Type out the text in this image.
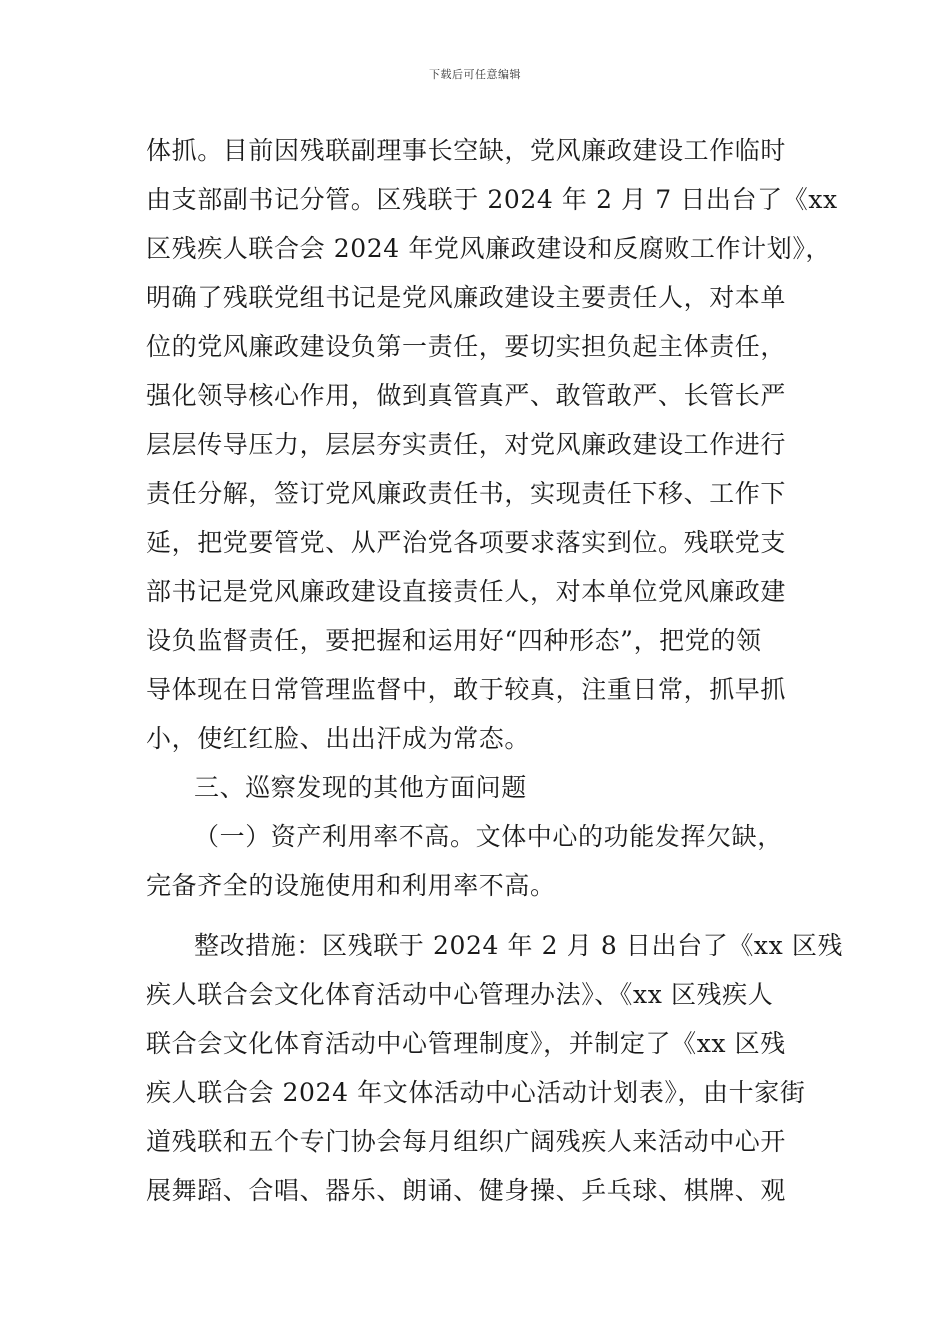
下载后可任意编辑
体抓。目前因残联副理事长空缺，党风廉政建设工作临时
由支部副书记分管。区残联于 2024 年 2 月 7 日出台了《xx
区残疾人联合会 2024 年党风廉政建设和反腐败工作计划》，
明确了残联党组书记是党风廉政建设主要责任人，对本单
位的党风廉政建设负第一责任，要切实担负起主体责任，
强化领导核心作用，做到真管真严、敢管敢严、长管长严
层层传导压力，层层夯实责任，对党风廉政建设工作进行
责任分解，签订党风廉政责任书，实现责任下移、工作下
延，把党要管党、从严治党各项要求落实到位。残联党支
部书记是党风廉政建设直接责任人，对本单位党风廉政建
设负监督责任，要把握和运用好“四种形态”，把党的领
导体现在日常管理监督中，敢于较真，注重日常，抓早抓
小，使红红脸、出出汗成为常态。
三、巡察发现的其他方面问题
（一）资产利用率不高。文体中心的功能发挥欠缺，
完备齐全的设施使用和利用率不高。
整改措施：区残联于 2024 年 2 月 8 日出台了《xx 区残
疾人联合会文化体育活动中心管理办法》、《xx 区残疾人
联合会文化体育活动中心管理制度》，并制定了《xx 区残
疾人联合会 2024 年文体活动中心活动计划表》，由十家街
道残联和五个专门协会每月组织广阔残疾人来活动中心开
展舞蹈、合唱、器乐、朗诵、健身操、乒乓球、棋牌、观
